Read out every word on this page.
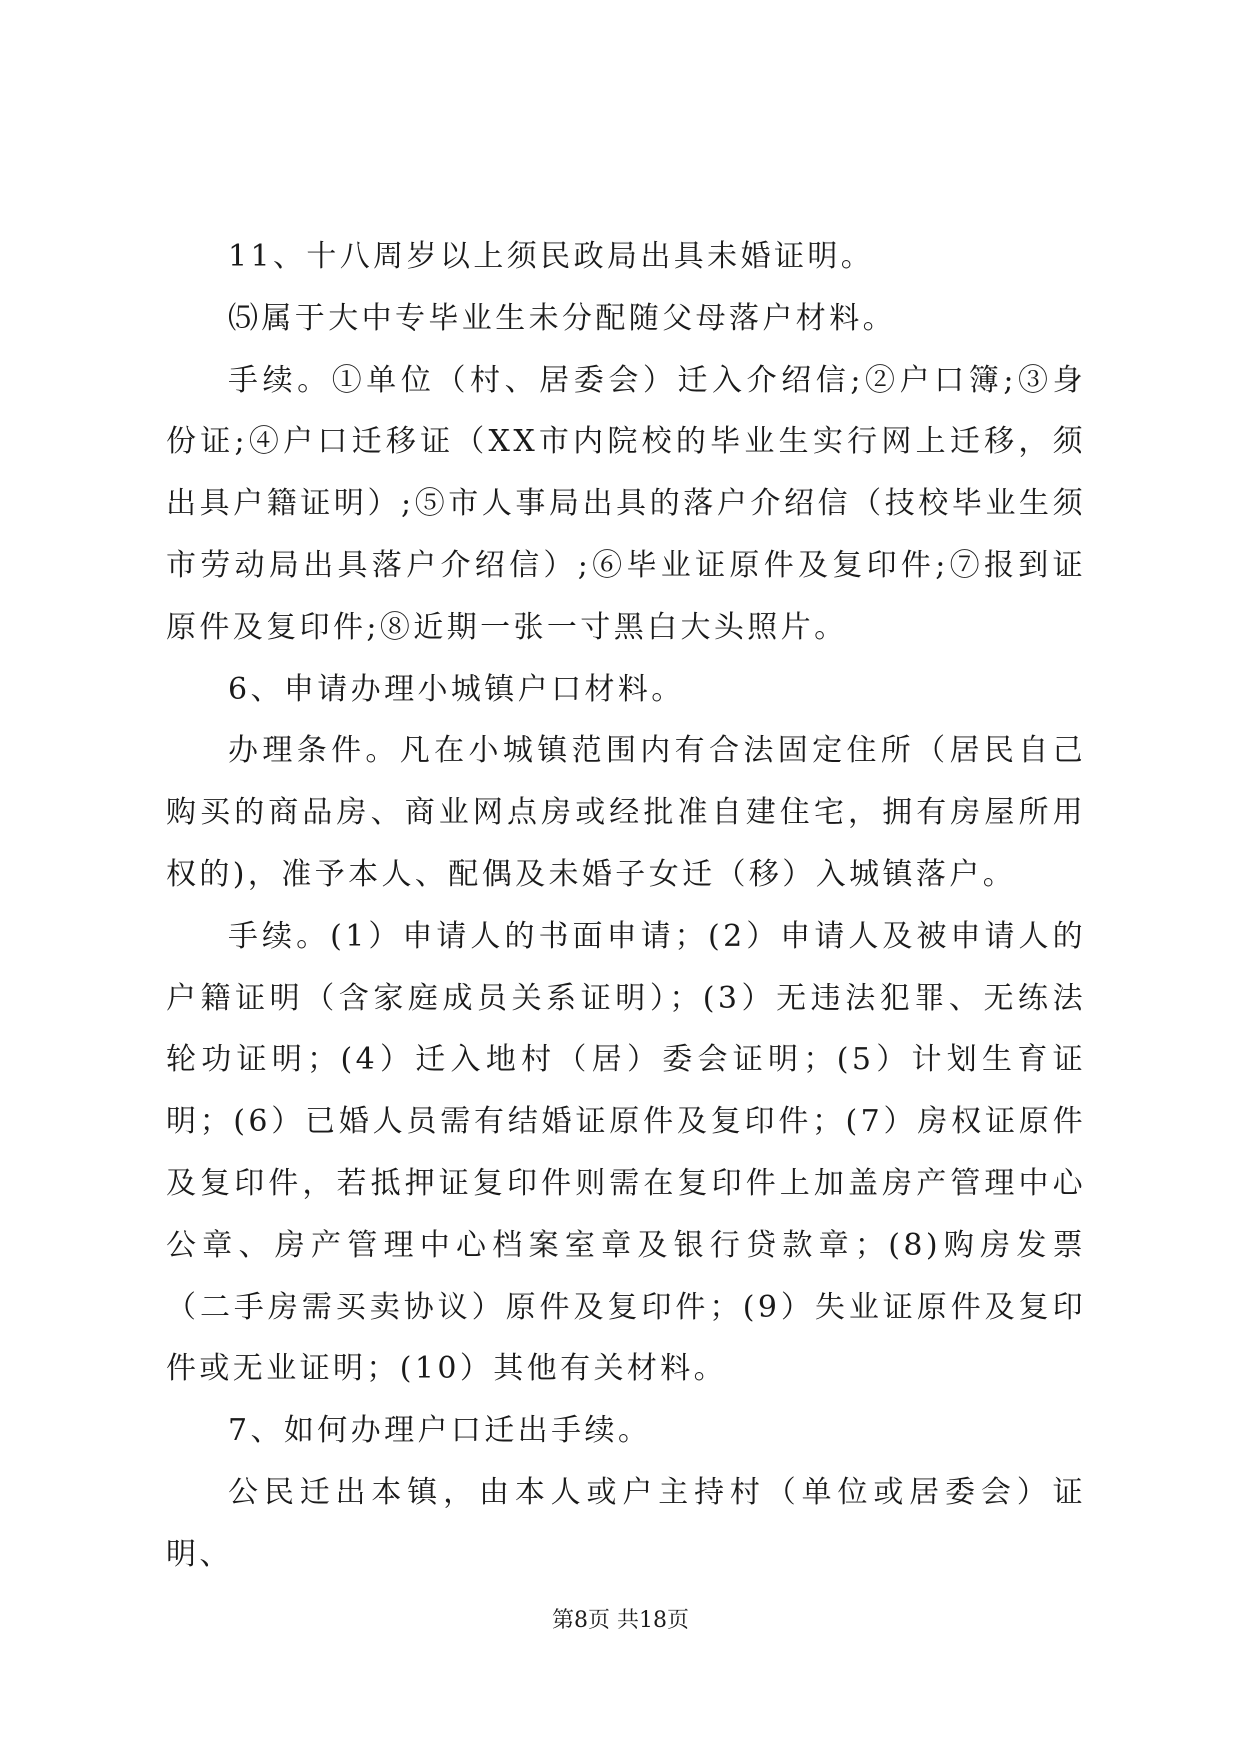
11、十八周岁以上须民政局出具未婚证明。

⑸属于大中专毕业生未分配随父母落户材料。

手续。①单位（村、居委会）迁入介绍信;②户口簿;③身份证;④户口迁移证（XX市内院校的毕业生实行网上迁移，须出具户籍证明）;⑤市人事局出具的落户介绍信（技校毕业生须市劳动局出具落户介绍信）;⑥毕业证原件及复印件;⑦报到证原件及复印件;⑧近期一张一寸黑白大头照片。

6、申请办理小城镇户口材料。

办理条件。凡在小城镇范围内有合法固定住所（居民自己购买的商品房、商业网点房或经批准自建住宅，拥有房屋所用权的)，准予本人、配偶及未婚子女迁（移）入城镇落户。

手续。(1）申请人的书面申请；(2）申请人及被申请人的户籍证明（含家庭成员关系证明）；(3）无违法犯罪、无练法轮功证明；(4）迁入地村（居）委会证明；(5）计划生育证明；(6）已婚人员需有结婚证原件及复印件；(7）房权证原件及复印件，若抵押证复印件则需在复印件上加盖房产管理中心公章、房产管理中心档案室章及银行贷款章；(8)购房发票（二手房需买卖协议）原件及复印件；(9）失业证原件及复印件或无业证明；(10）其他有关材料。

7、如何办理户口迁出手续。

公民迁出本镇，由本人或户主持村（单位或居委会）证明、

第8页 共18页
